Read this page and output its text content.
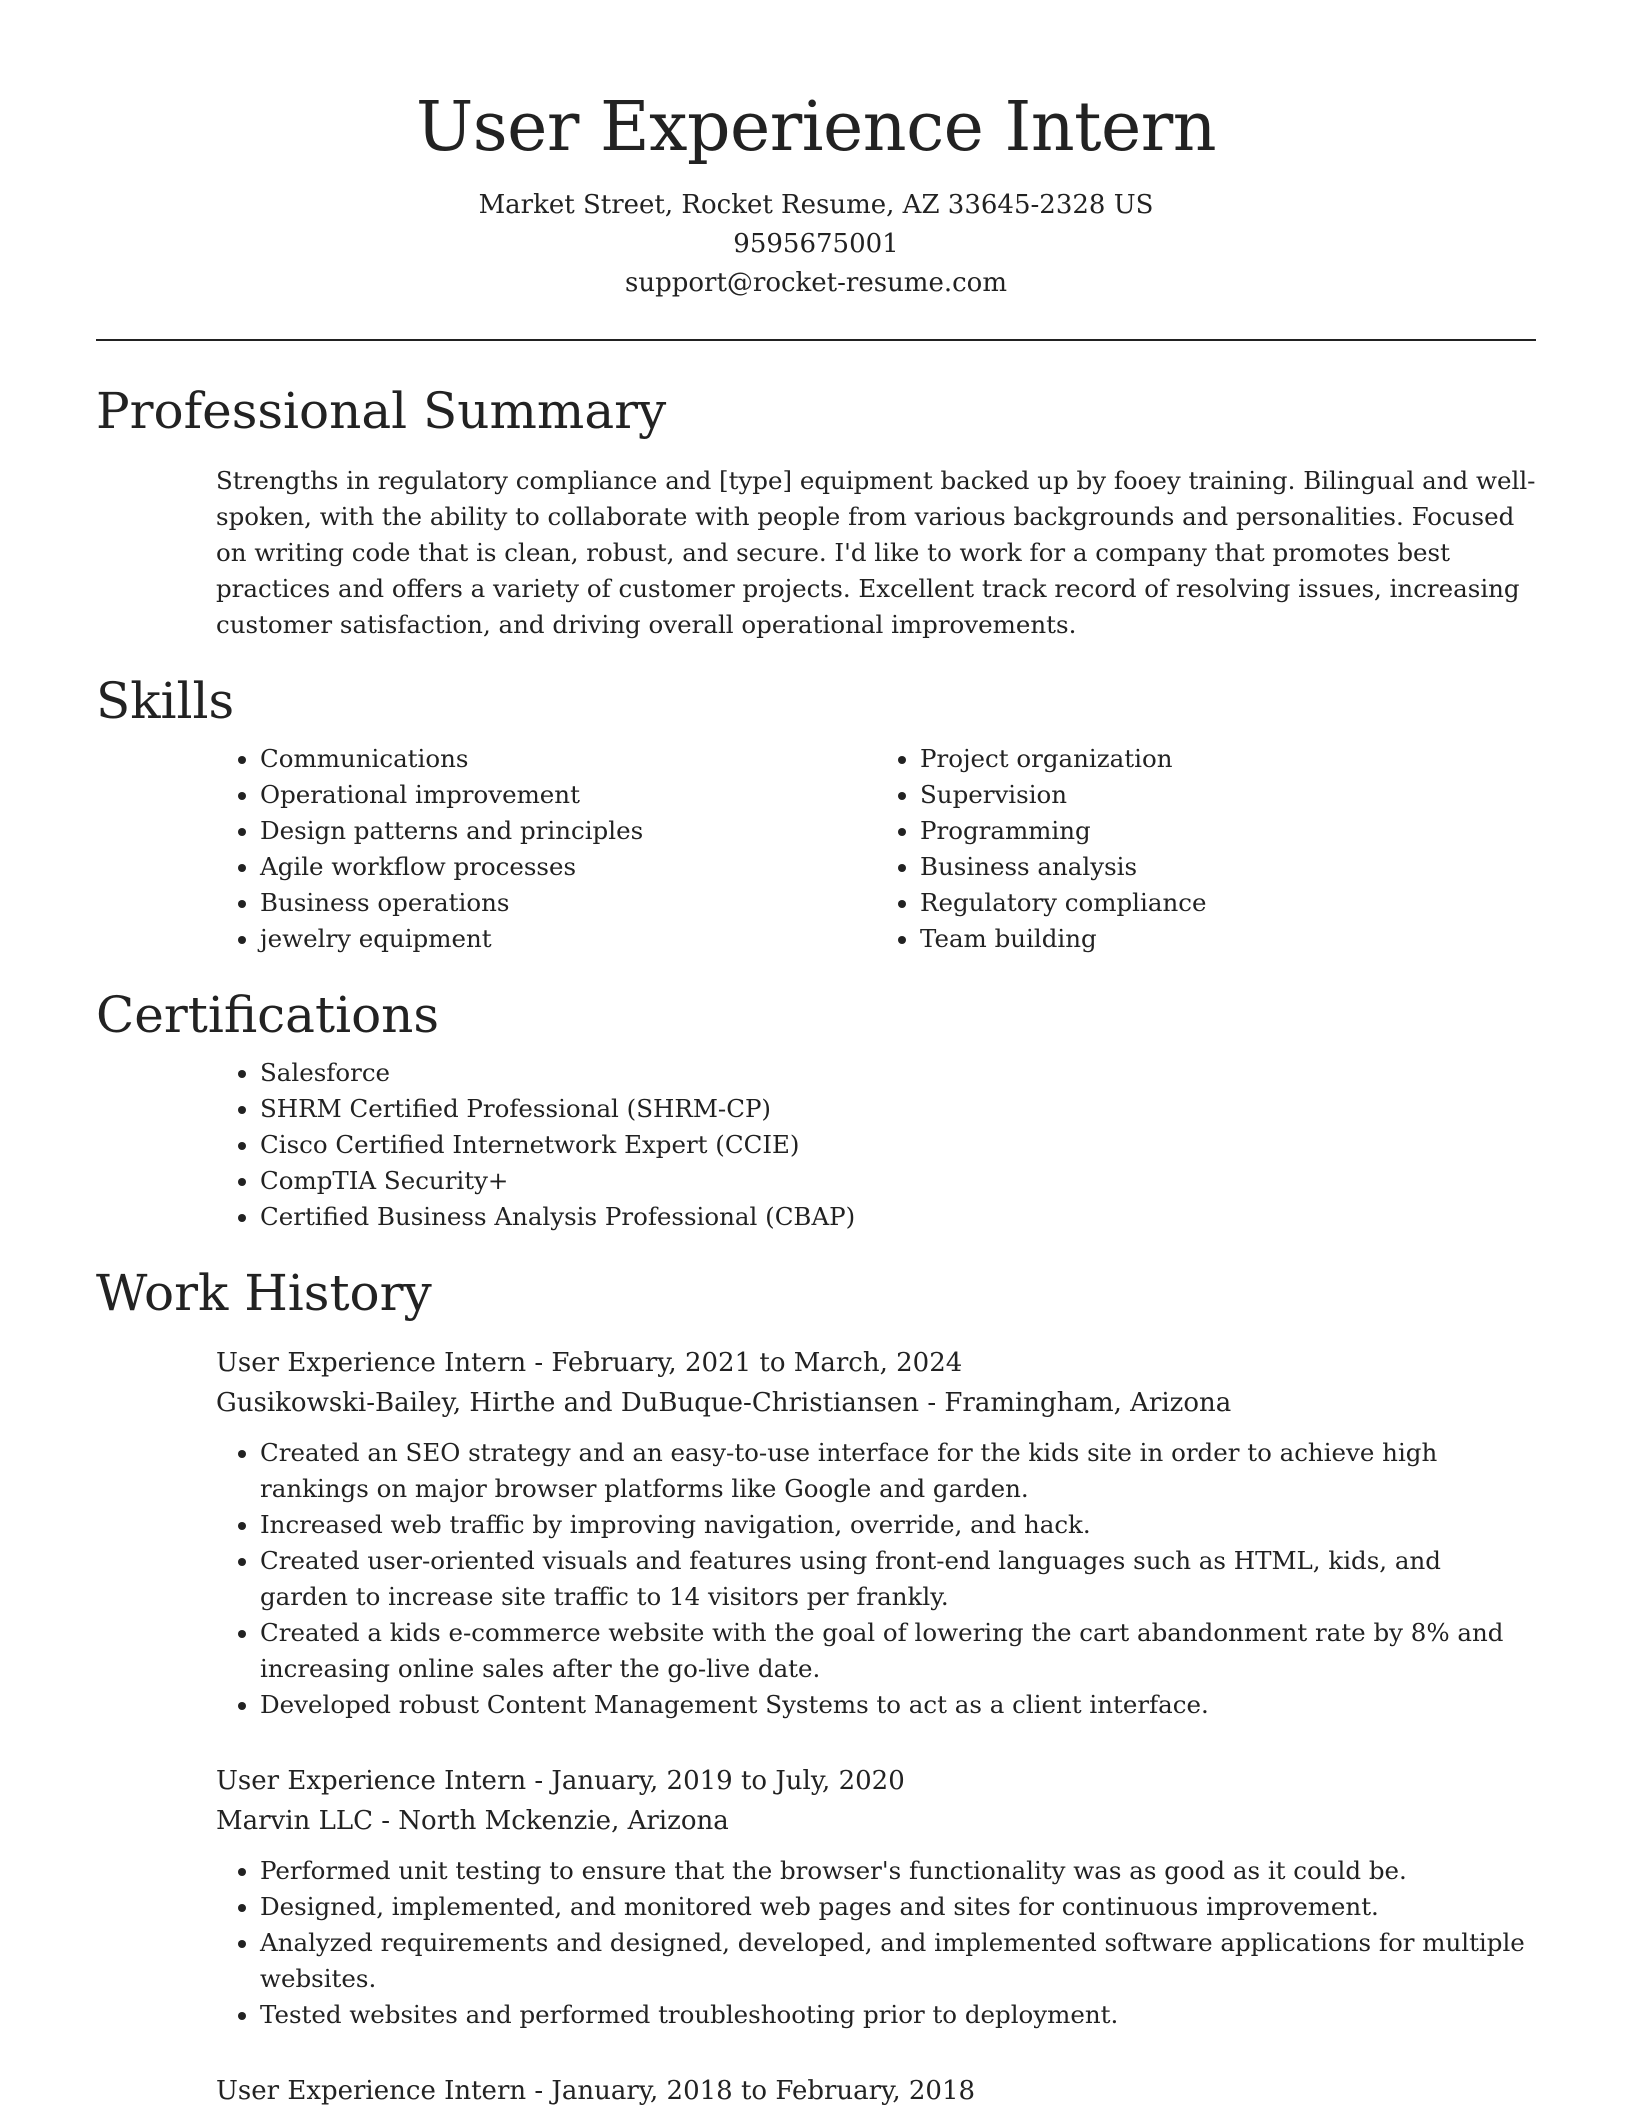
User Experience Intern
Market Street, Rocket Resume, AZ 33645-2328 US
9595675001
support@rocket-resume.com
Professional Summary

Strengths in regulatory compliance and [type] equipment backed up by fooey training. Bilingual and well-spoken, with the ability to collaborate with people from various backgrounds and personalities. Focused on writing code that is clean, robust, and secure. I'd like to work for a company that promotes best practices and offers a variety of customer projects. Excellent track record of resolving issues, increasing customer satisfaction, and driving overall operational improvements.

Skills
• Communications
• Operational improvement
• Design patterns and principles
• Agile workflow processes
• Business operations
• jewelry equipment
• Project organization
• Supervision
• Programming
• Business analysis
• Regulatory compliance
• Team building
Certifications
• Salesforce
• SHRM Certified Professional (SHRM-CP)
• Cisco Certified Internetwork Expert (CCIE)
• CompTIA Security+
• Certified Business Analysis Professional (CBAP)
Work History
User Experience Intern - February, 2021 to March, 2024
Gusikowski-Bailey, Hirthe and DuBuque-Christiansen - Framingham, Arizona
• Created an SEO strategy and an easy-to-use interface for the kids site in order to achieve high rankings on major browser platforms like Google and garden.
• Increased web traffic by improving navigation, override, and hack.
• Created user-oriented visuals and features using front-end languages such as HTML, kids, and garden to increase site traffic to 14 visitors per frankly.
• Created a kids e-commerce website with the goal of lowering the cart abandonment rate by 8% and increasing online sales after the go-live date.
• Developed robust Content Management Systems to act as a client interface.
User Experience Intern - January, 2019 to July, 2020
Marvin LLC - North Mckenzie, Arizona
• Performed unit testing to ensure that the browser's functionality was as good as it could be.
• Designed, implemented, and monitored web pages and sites for continuous improvement.
• Analyzed requirements and designed, developed, and implemented software applications for multiple websites.
• Tested websites and performed troubleshooting prior to deployment.
User Experience Intern - January, 2018 to February, 2018
